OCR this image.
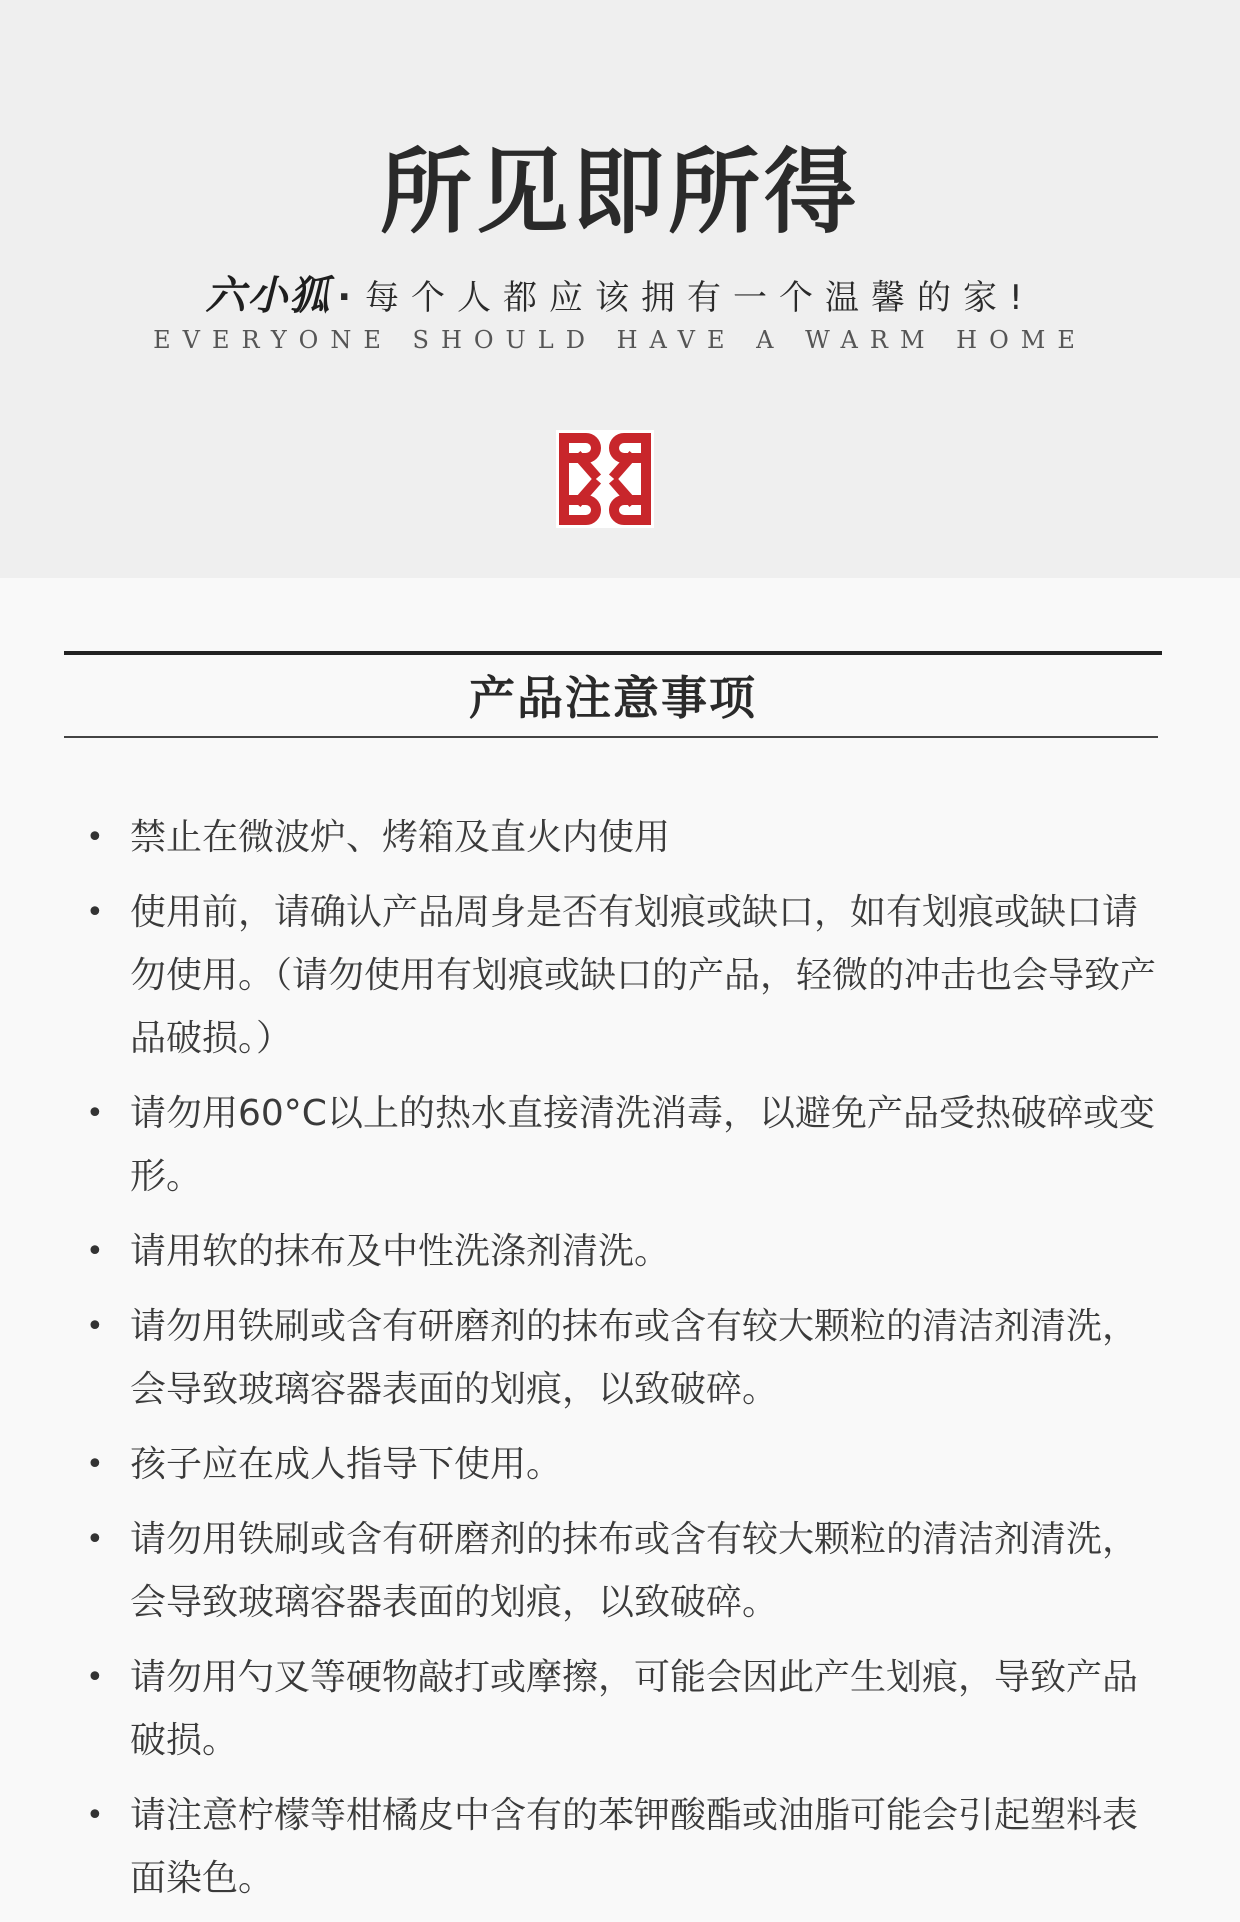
所见即所得
六小狐 · 每个人都应该拥有一个温馨的家!
EVERYONE SHOULD HAVE A WARM HOME
产品注意事项
• 禁止在微波炉、烤箱及直火内使用
• 使用前，请确认产品周身是否有划痕或缺口，如有划痕或缺口请勿使用。（请勿使用有划痕或缺口的产品，轻微的冲击也会导致产品破损。）
• 请勿用60°C以上的热水直接清洗消毒，以避免产品受热破碎或变形。
• 请用软的抹布及中性洗涤剂清洗。
• 请勿用铁刷或含有研磨剂的抹布或含有较大颗粒的清洁剂清洗，会导致玻璃容器表面的划痕，以致破碎。
• 孩子应在成人指导下使用。
• 请勿用铁刷或含有研磨剂的抹布或含有较大颗粒的清洁剂清洗，会导致玻璃容器表面的划痕，以致破碎。
• 请勿用勺叉等硬物敲打或摩擦，可能会因此产生划痕，导致产品破损。
• 请注意柠檬等柑橘皮中含有的苯钾酸酯或油脂可能会引起塑料表面染色。
